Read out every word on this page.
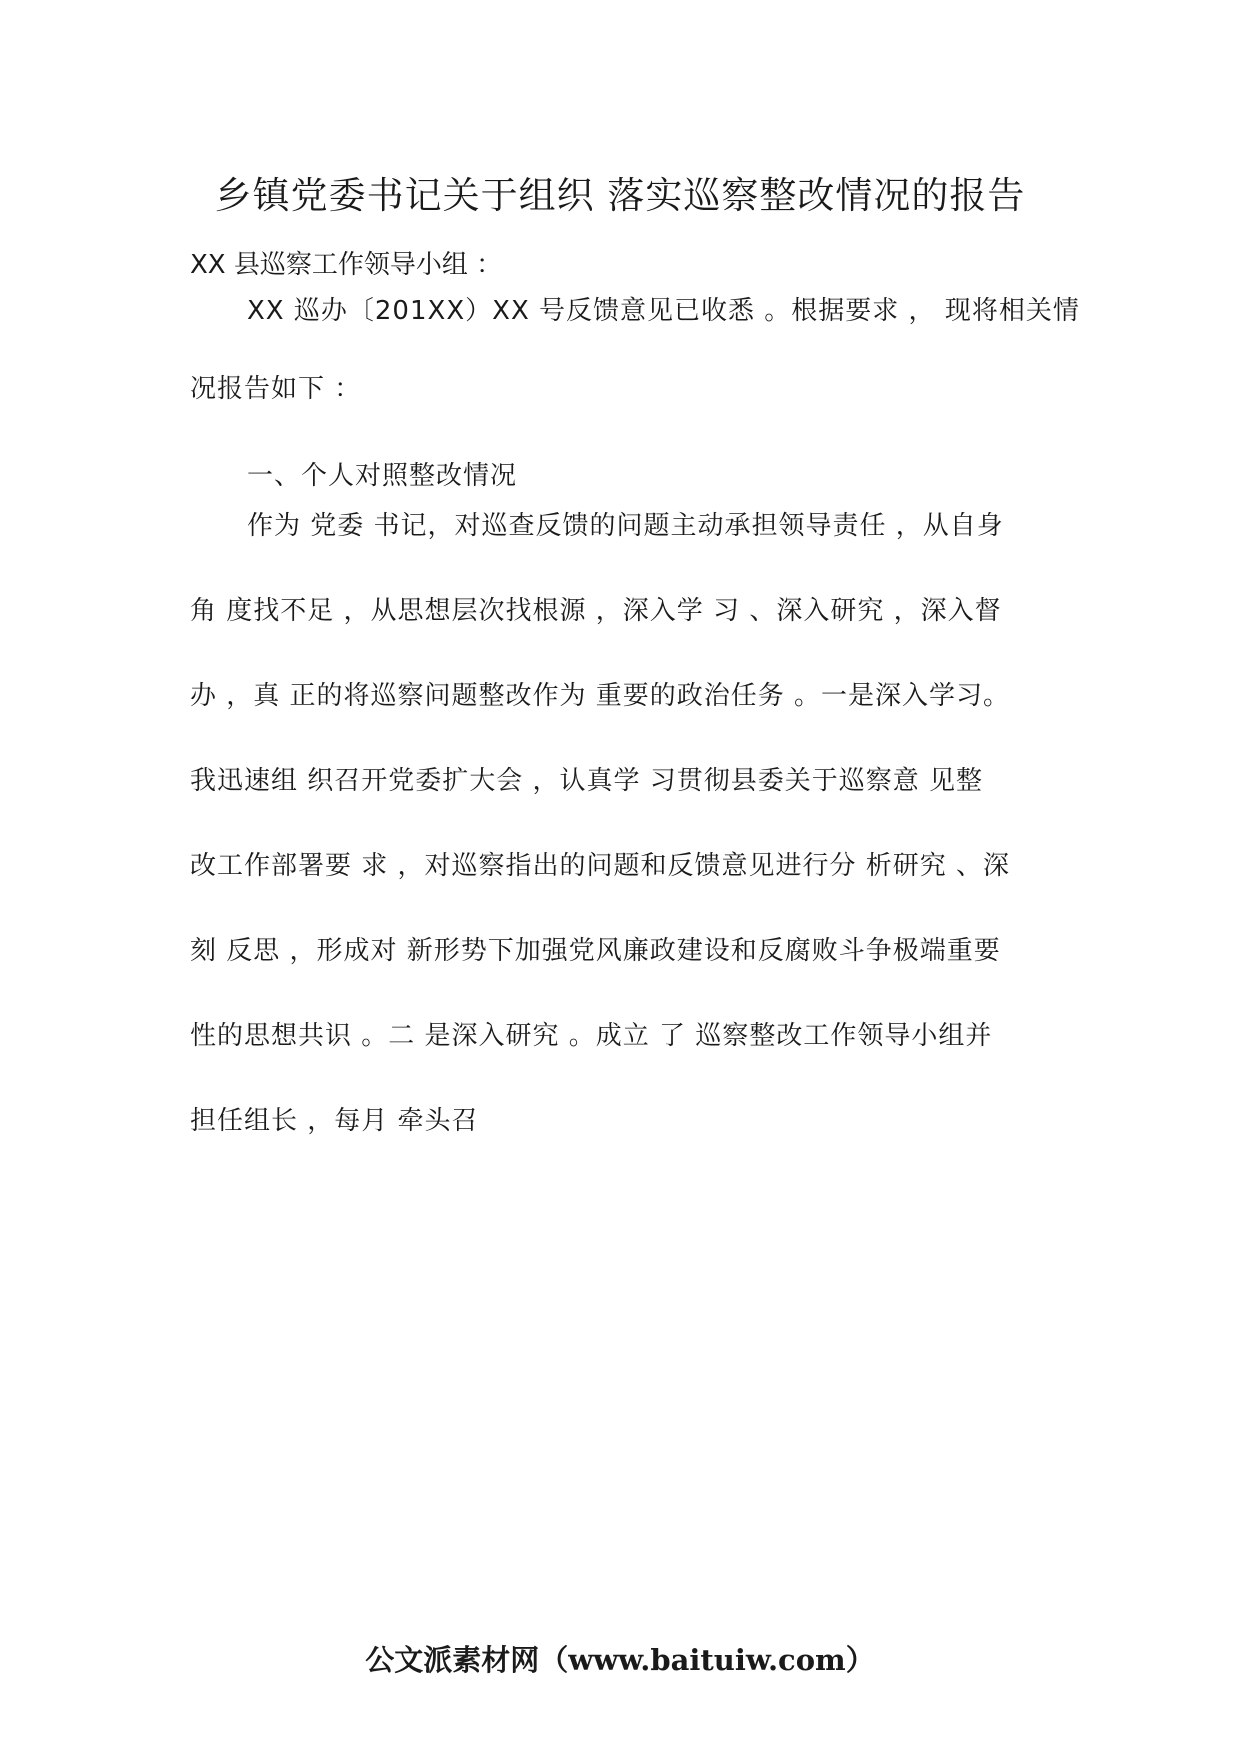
乡镇党委书记关于组织 落实巡察整改情况的报告
XX 县巡察工作领导小组 ：
XX 巡办〔201XX）XX 号反馈意见已收悉 。根据要求 ， 现将相关情
况报告如下 ：
一、个人对照整改情况
作为 党委 书记，对巡查反馈的问题主动承担领导责任 ，从自身
角 度找不足 ，从思想层次找根源 ，深入学 习 、深入研究 ，深入督
办 ，真 正的将巡察问题整改作为 重要的政治任务 。一是深入学习。
我迅速组 织召开党委扩大会 ，认真学 习贯彻县委关于巡察意 见整
改工作部署要 求 ，对巡察指出的问题和反馈意见进行分 析研究 、深
刻 反思 ，形成对 新形势下加强党风廉政建设和反腐败斗争极端重要
性的思想共识 。二 是深入研究 。成立 了 巡察整改工作领导小组并
担任组长 ，每月 牵头召
公文派素材网（www.baituiw.com）
